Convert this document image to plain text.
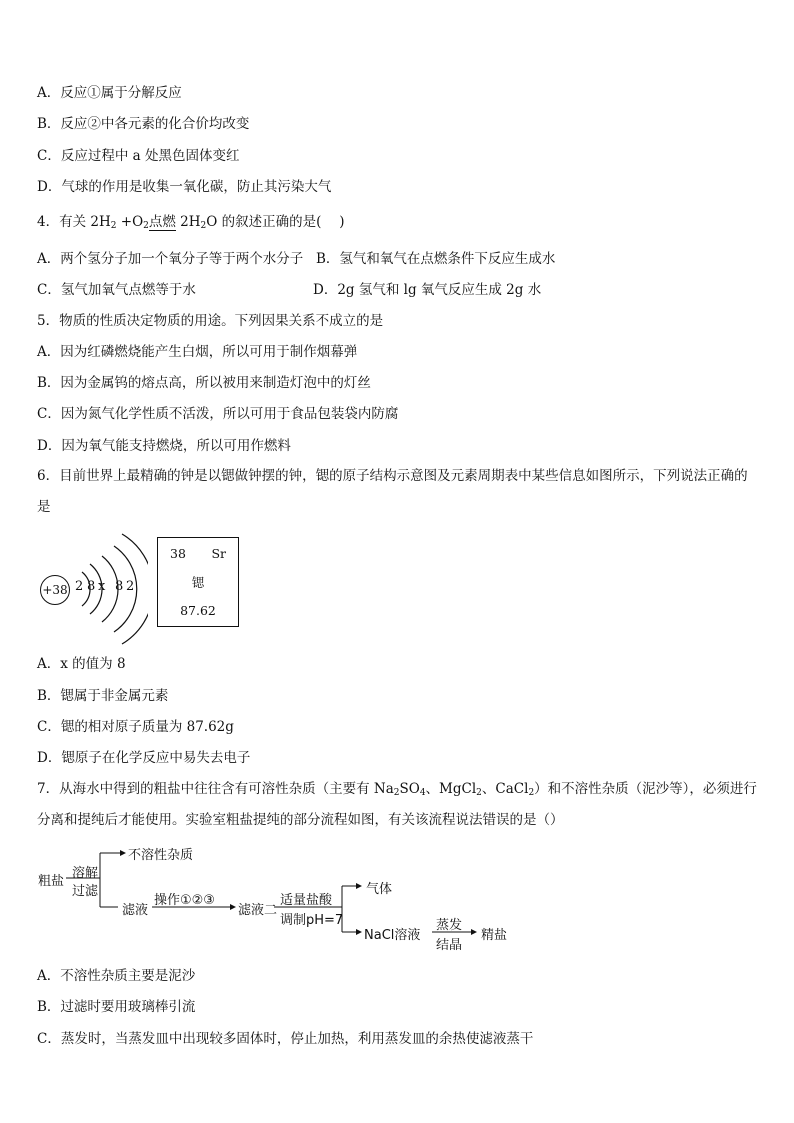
A．反应①属于分解反应
B．反应②中各元素的化合价均改变
C．反应过程中 a 处黑色固体变红
D．气球的作用是收集一氧化碳，防止其污染大气
4．有关 $2H_2 +O_2$点燃 $2H_2O$ 的叙述正确的是(　 )
A．两个氢分子加一个氧分子等于两个水分子 B．氢气和氧气在点燃条件下反应生成水
C．氢气加氧气点燃等于水	D．2g 氢气和 lg 氧气反应生成 2g 水
5．物质的性质决定物质的用途。下列因果关系不成立的是
A．因为红磷燃烧能产生白烟，所以可用于制作烟幕弹
B．因为金属钨的熔点高，所以被用来制造灯泡中的灯丝
C．因为氮气化学性质不活泼，所以可用于食品包装袋内防腐
D．因为氧气能支持燃烧，所以可用作燃料
6．目前世界上最精确的钟是以锶做钟摆的钟，锶的原子结构示意图及元素周期表中某些信息如图所示，下列说法正确的是
+38 2 8 x 8 2
38 Sr
锶
87.62
A．x 的值为 8
B．锶属于非金属元素
C．锶的相对原子质量为 87.62g
D．锶原子在化学反应中易失去电子
7．从海水中得到的粗盐中往往含有可溶性杂质（主要有 $Na_2SO_4$、MgCl$_2$、CaCl$_2$）和不溶性杂质（泥沙等），必须进行
分离和提纯后才能使用。实验室粗盐提纯的部分流程如图，有关该流程说法错误的是（）
粗盐
溶解
过滤
不溶性杂质
滤液
操作①②③
滤液二
适量盐酸
调制pH=7
气体
NaCl溶液
蒸发
结晶
精盐
A．不溶性杂质主要是泥沙
B．过滤时要用玻璃棒引流
C．蒸发时，当蒸发皿中出现较多固体时，停止加热，利用蒸发皿的余热使滤液蒸干
